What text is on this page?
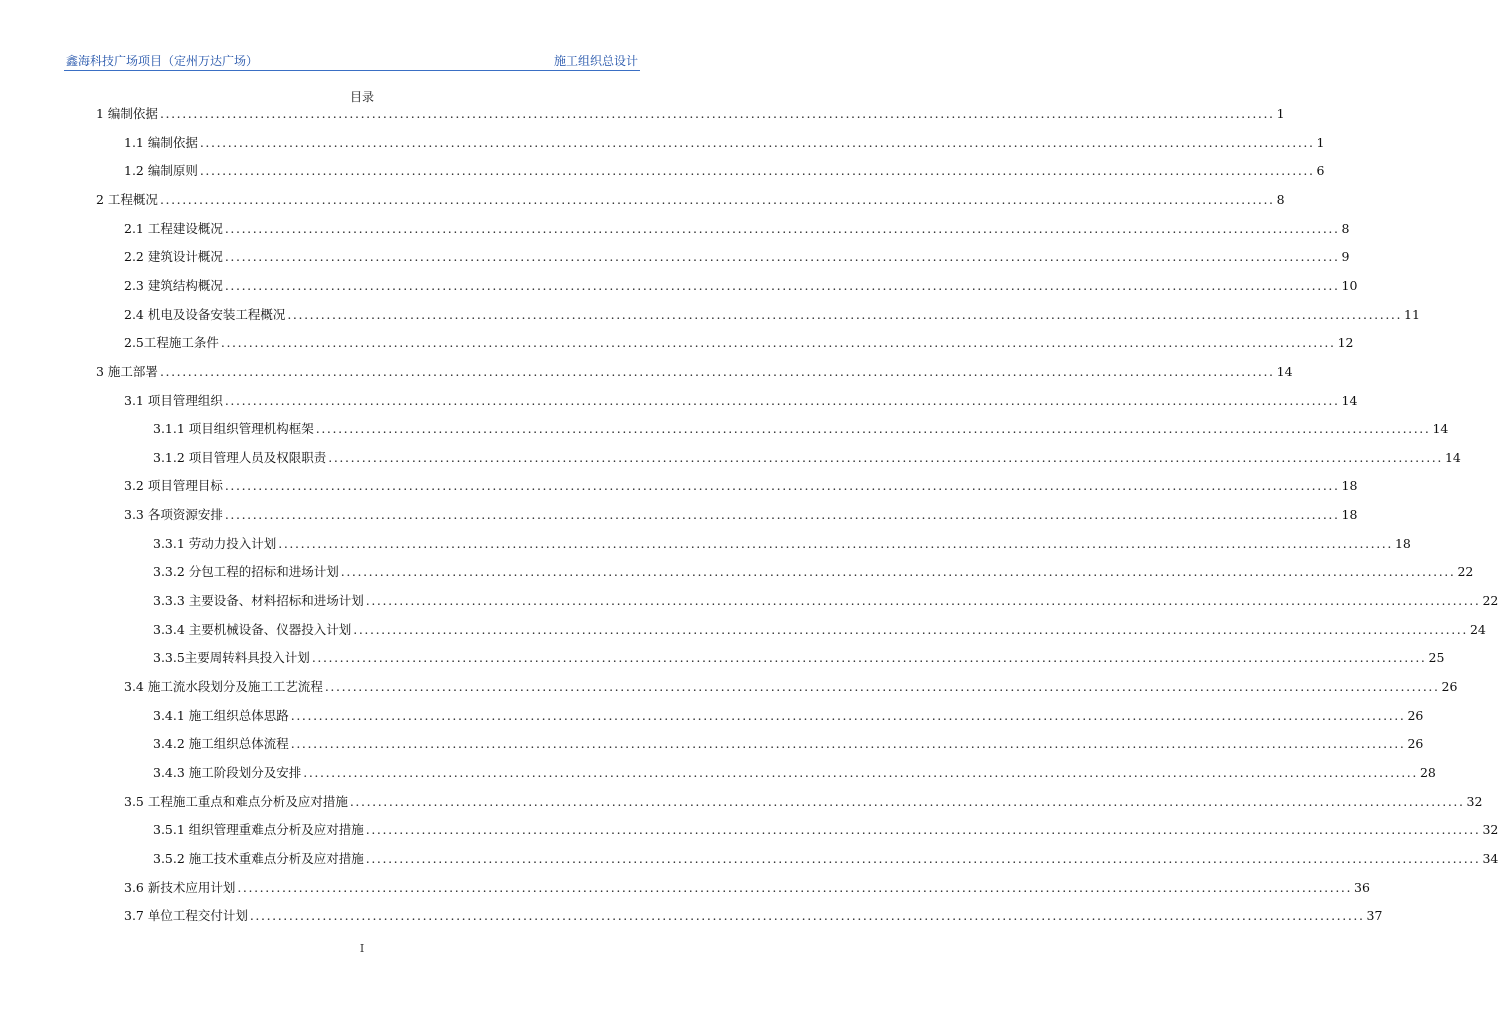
鑫海科技广场项目（定州万达广场）	施工组织总设计
目录
1 编制依据 ........................................................................................................................................................................................................ 1
1.1 编制依据 ........................................................................................................................................................................................................ 1
1.2 编制原则 ........................................................................................................................................................................................................ 6
2 工程概况 ........................................................................................................................................................................................................ 8
2.1 工程建设概况 ........................................................................................................................................................................................................ 8
2.2 建筑设计概况 ........................................................................................................................................................................................................ 9
2.3 建筑结构概况 ........................................................................................................................................................................................................ 10
2.4 机电及设备安装工程概况 ........................................................................................................................................................................................................ 11
2.5工程施工条件 ........................................................................................................................................................................................................ 12
3 施工部署 ........................................................................................................................................................................................................ 14
3.1 项目管理组织 ........................................................................................................................................................................................................ 14
3.1.1 项目组织管理机构框架 ........................................................................................................................................................................................................ 14
3.1.2 项目管理人员及权限职责 ........................................................................................................................................................................................................ 14
3.2 项目管理目标 ........................................................................................................................................................................................................ 18
3.3 各项资源安排 ........................................................................................................................................................................................................ 18
3.3.1 劳动力投入计划 ........................................................................................................................................................................................................ 18
3.3.2 分包工程的招标和进场计划 ........................................................................................................................................................................................................ 22
3.3.3 主要设备、材料招标和进场计划 ........................................................................................................................................................................................................ 22
3.3.4 主要机械设备、仪器投入计划 ........................................................................................................................................................................................................ 24
3.3.5主要周转料具投入计划 ........................................................................................................................................................................................................ 25
3.4 施工流水段划分及施工工艺流程 ........................................................................................................................................................................................................ 26
3.4.1 施工组织总体思路 ........................................................................................................................................................................................................ 26
3.4.2 施工组织总体流程 ........................................................................................................................................................................................................ 26
3.4.3 施工阶段划分及安排 ........................................................................................................................................................................................................ 28
3.5 工程施工重点和难点分析及应对措施 ........................................................................................................................................................................................................ 32
3.5.1 组织管理重难点分析及应对措施 ........................................................................................................................................................................................................ 32
3.5.2 施工技术重难点分析及应对措施 ........................................................................................................................................................................................................ 34
3.6 新技术应用计划 ........................................................................................................................................................................................................ 36
3.7 单位工程交付计划 ........................................................................................................................................................................................................ 37
I
